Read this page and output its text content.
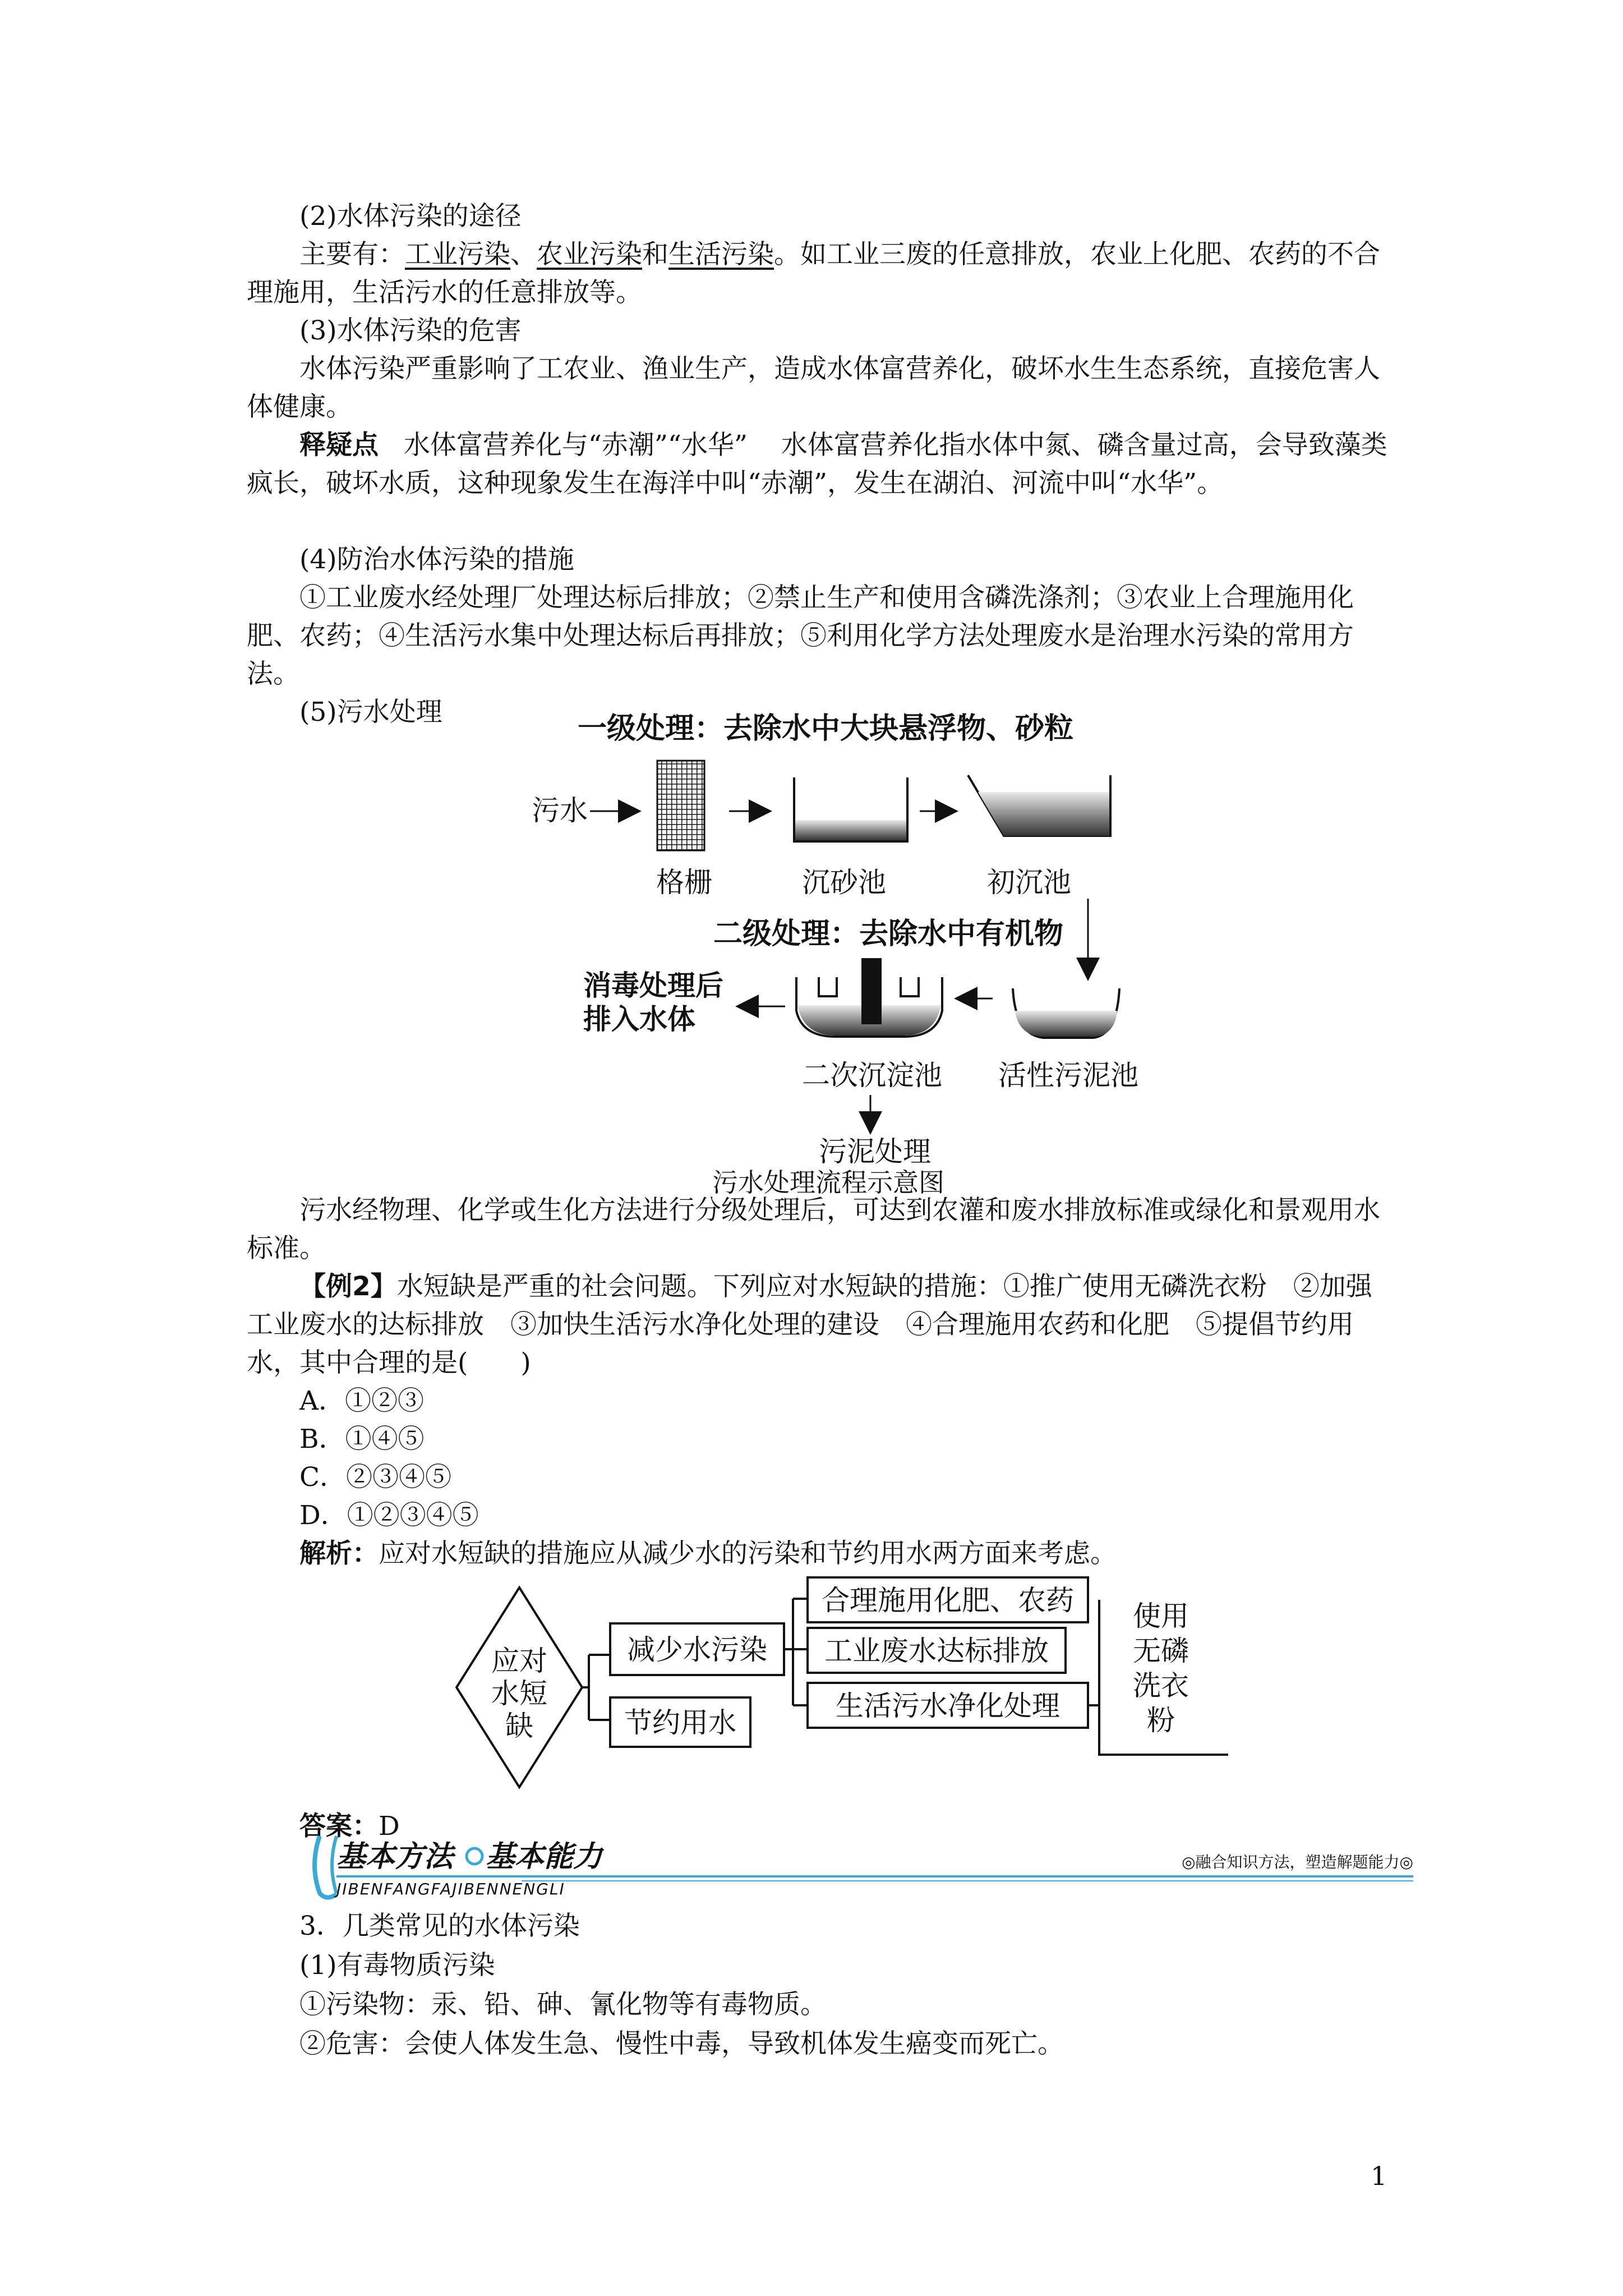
(2)水体污染的途径

主要有：工业污染、农业污染和生活污染。如工业三废的任意排放，农业上化肥、农药的不合理施用，生活污水的任意排放等。

(3)水体污染的危害

水体污染严重影响了工农业、渔业生产，造成水体富营养化，破坏水生生态系统，直接危害人体健康。

释疑点 水体富营养化与“赤潮”“水华” 水体富营养化指水体中氮、磷含量过高，会导致藻类疯长，破坏水质，这种现象发生在海洋中叫“赤潮”，发生在湖泊、河流中叫“水华”。

(4)防治水体污染的措施

①工业废水经处理厂处理达标后排放；②禁止生产和使用含磷洗涤剂；③农业上合理施用化肥、农药；④生活污水集中处理达标后再排放；⑤利用化学方法处理废水是治理水污染的常用方法。

(5)污水处理	一级处理：去除水中大块悬浮物、砂粒
污水
格栅	沉砂池	初沉池
二级处理：去除水中有机物
活性污泥池
二次沉淀池
消毒处理后
排入水体
污泥处理
污水处理流程示意图

污水经物理、化学或生化方法进行分级处理后，可达到农灌和废水排放标准或绿化和景观用水标准。

【例2】水短缺是严重的社会问题。下列应对水短缺的措施：①推广使用无磷洗衣粉　②加强工业废水的达标排放　③加快生活污水净化处理的建设　④合理施用农药和化肥　⑤提倡节约用水，其中合理的是(　　)

A．①②③

B．①④⑤

C．②③④⑤

D．①②③④⑤

解析：应对水短缺的措施应从减少水的污染和节约用水两方面来考虑。

应对
水短
缺
减少水污染
节约用水
合理施用化肥、农药
工业废水达标排放
生活污水净化处理
使用
无磷
洗衣
粉

答案：D

基本方法 基本能力
JIBENFANGFAJIBENNENGLI
◎融合知识方法，塑造解题能力◎

3．几类常见的水体污染

(1)有毒物质污染

①污染物：汞、铅、砷、氰化物等有毒物质。

②危害：会使人体发生急、慢性中毒，导致机体发生癌变而死亡。

1
